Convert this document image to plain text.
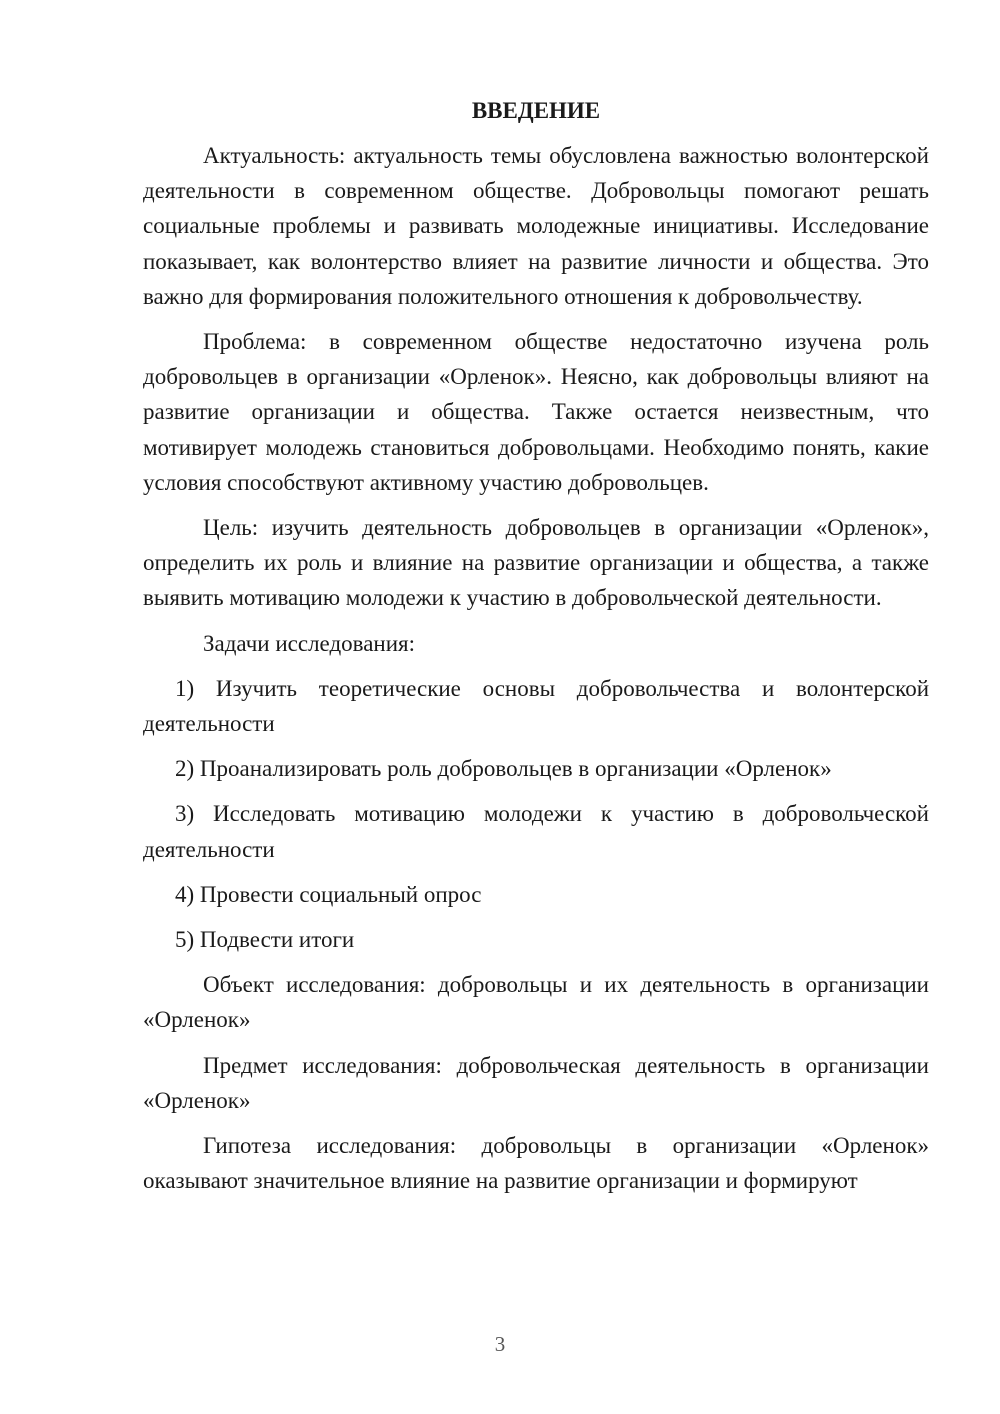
ВВЕДЕНИЕ

Актуальность: актуальность темы обусловлена важностью волонтерской деятельности в современном обществе. Добровольцы помогают решать социальные проблемы и развивать молодежные инициативы. Исследование показывает, как волонтерство влияет на развитие личности и общества. Это важно для формирования положительного отношения к добровольчеству.

Проблема: в современном обществе недостаточно изучена роль добровольцев в организации «Орленок». Неясно, как добровольцы влияют на развитие организации и общества. Также остается неизвестным, что мотивирует молодежь становиться добровольцами. Необходимо понять, какие условия способствуют активному участию добровольцев.

Цель: изучить деятельность добровольцев в организации «Орленок», определить их роль и влияние на развитие организации и общества, а также выявить мотивацию молодежи к участию в добровольческой деятельности.

Задачи исследования:

1) Изучить теоретические основы добровольчества и волонтерской деятельности

2) Проанализировать роль добровольцев в организации «Орленок»

3) Исследовать мотивацию молодежи к участию в добровольческой деятельности

4) Провести социальный опрос

5) Подвести итоги

Объект исследования: добровольцы и их деятельность в организации «Орленок»

Предмет исследования: добровольческая деятельность в организации «Орленок»

Гипотеза исследования: добровольцы в организации «Орленок» оказывают значительное влияние на развитие организации и формируют

3
